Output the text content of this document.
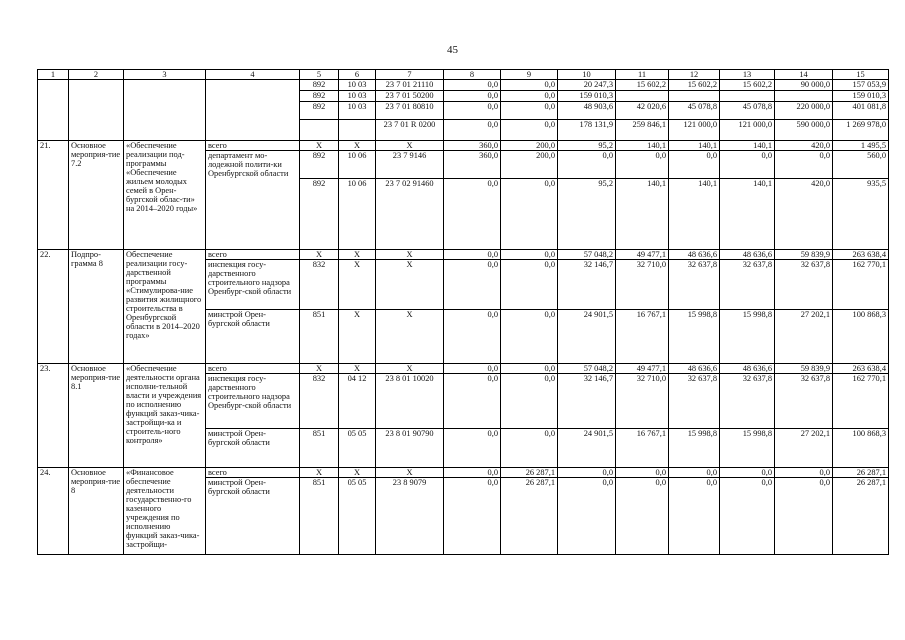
45
1	2	3	4	5	6	7	8	9	10	11	12	13	14	15
				892	10 03	23 7 01 21110	0,0	0,0	20 247,3	15 602,2	15 602,2	15 602,2	90 000,0	157 053,9
				892	10 03	23 7 01 50200	0,0	0,0	159 010,3					159 010,3
				892	10 03	23 7 01 80810	0,0	0,0	48 903,6	42 020,6	45 078,8	45 078,8	220 000,0	401 081,8
						23 7 01 R 0200	0,0	0,0	178 131,9	259 846,1	121 000,0	121 000,0	590 000,0	1 269 978,0
21.	Основное мероприя-тие 7.2	«Обеспечение реализации под-программы «Обеспечение жильем молодых семей в Орен-бургской облас-ти» на 2014–2020 годы»	всего	X	X	X	360,0	200,0	95,2	140,1	140,1	140,1	420,0	1 495,5
			департамент мо-лодежной полити-ки Оренбургской области	892	10 06	23 7 9146	360,0	200,0	0,0	0,0	0,0	0,0	0,0	560,0
				892	10 06	23 7 02 91460	0,0	0,0	95,2	140,1	140,1	140,1	420,0	935,5
22.	Подпро-грамма 8	Обеспечение реализации госу-дарственной программы «Стимулирова-ние развития жилищного строительства в Оренбургской области в 2014–2020 годах»	всего	X	X	X	0,0	0,0	57 048,2	49 477,1	48 636,6	48 636,6	59 839,9	263 638,4
			инспекция госу-дарственного строительного надзора Оренбург-ской области	832	X	X	0,0	0,0	32 146,7	32 710,0	32 637,8	32 637,8	32 637,8	162 770,1
			минстрой Орен-бургской области	851	X	X	0,0	0,0	24 901,5	16 767,1	15 998,8	15 998,8	27 202,1	100 868,3
23.	Основное мероприя-тие 8.1	«Обеспечение деятельности органа исполни-тельной власти и учреждения по исполнению функций заказ-чика-застройщи-ка и строитель-ного контроля»	всего	X	X	X	0,0	0,0	57 048,2	49 477,1	48 636,6	48 636,6	59 839,9	263 638,4
			инспекция госу-дарственного строительного надзора Оренбург-ской области	832	04 12	23 8 01 10020	0,0	0,0	32 146,7	32 710,0	32 637,8	32 637,8	32 637,8	162 770,1
			минстрой Орен-бургской области	851	05 05	23 8 01 90790	0,0	0,0	24 901,5	16 767,1	15 998,8	15 998,8	27 202,1	100 868,3
24.	Основное мероприя-тие 8	«Финансовое обеспечение деятельности государственно-го казенного учреждения по исполнению функций заказ-чика-застройщи-	всего	X	X	X	0,0	26 287,1	0,0	0,0	0,0	0,0	0,0	26 287,1
			минстрой Орен-бургской области	851	05 05	23 8 9079	0,0	26 287,1	0,0	0,0	0,0	0,0	0,0	26 287,1
